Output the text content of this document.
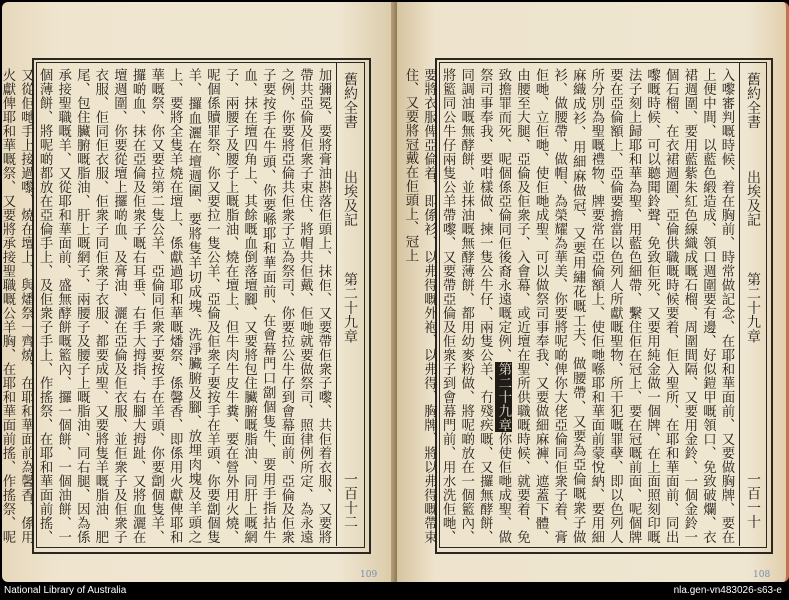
舊約全書
出埃及記
第二十九章
一百十二
加彌冕、要將膏油斟落佢頭上、抹佢、又要帶佢衆子嚟、共佢着衣服、又要將帶共亞倫及佢衆子束住、將帽共佢戴、佢哋就要做祭司、照律例所定、為永遠之例、你要將亞倫共佢衆子立為祭司、你要拉公牛仔到會幕面前、亞倫及佢衆子要按手在牛頭、你要喺耶和華面前、在會幕門口劏個隻牛、要用手指拈牛血、抹在壇四角上、其餘嘅血倒落壇腳、又要將包住臟腑嘅脂油、同肝上嘅網子、兩腰子及腰子上嘅脂油、燒在壇上、但牛肉牛皮牛糞、要在營外用火燒、呢個係贖罪祭、你又要拉一隻公羊、亞倫及佢衆子要按手在羊頭、你要劏個隻羊、攞血灑在壇週圍、要將隻羊切成塊、洗淨臟腑及腳、放埋肉塊及羊頭之上、要將全隻羊燒在壇上、係獻過耶和華嘅燔祭、係馨香、即係用火獻俾耶和華嘅祭、你又要拉第二隻公羊、亞倫同佢衆子要按手在羊頭、你要劏個隻羊、攞啲血、抹在亞倫及佢衆子嘅右耳垂、右手大拇指、右腳大拇趾、又將血灑在壇週圍、你要從壇上攞啲血、及膏油、灑在亞倫及佢衣服、並佢衆子及佢衆子衣服、佢同佢衣服、佢衆子同佢衆子衣服、都要成聖、又要將隻羊嘅脂油、肥尾、包住臟腑嘅脂油、肝上嘅網子、兩腰子及腰子上嘅脂油、同右腿、因為係承接聖職嘅羊、又從耶和華面前、盛無酵餅嘅籃內、攞一個餅、一個油餅、一個薄餅、將呢啲都放在亞倫手上、及佢衆子手上、作搖祭、在耶和華面前搖、又從佢哋手上接過嚟、燒在壇上、與燔祭一齊燒、在耶和華面前為馨香、係用火獻俾耶和華嘅祭、又要將承接聖職嘅公羊胸、在耶和華面前搖、作搖祭、呢
109
舊約全書
出埃及記
第二十九章
一百一十
入嚟審判嘅時候、着在胸前、時常做記念、在耶和華面前、又要做胸牌、要在上便中間、以藍色緞造成、領口週圍要有邊、好似鎧甲嘅領口、免致破爛、衣裙週圍、要用藍紫朱紅色線織成嘅石榴、周圍間隔、又要用金鈴、一個金鈴一個石榴、在衣裙週圍、亞倫供職嘅時候要着、佢入聖所、在耶和華面前、同出嚟嘅時候、可以聽聞鈴聲、免致佢死、又要用純金做一個牌、在上面照刻印嘅法子刻上歸耶和華為聖、用藍色細帶、繫住佢在冠上、要在冠嘅前面、呢個牌要在亞倫額上、亞倫要擔當以色列人所獻嘅聖物、所干犯嘅罪孽、即以色列人所分別為聖嘅禮物、牌要常在亞倫額上、使佢哋喺耶和華面前蒙悅納、要用細麻織成衫、用細麻做冠、又要用繡花嘅工夫、做腰帶、又要為亞倫嘅衆子做衫、做腰帶、做帽、為榮耀為華美、你要將呢啲俾你大佬亞倫同佢衆子着、膏佢哋、立佢哋、使佢哋成聖、可以做祭司事奉我、又要做細麻褲、遮蓋下體、由腰至大腿、亞倫及佢衆子、入會幕、或近壇在聖所供職嘅時候、就要着、免致擔罪而死、呢個係亞倫同佢後裔永遠嘅定例、第二十九章你使佢哋成聖、做祭司事奉我、要咁樣做、揀一隻公牛仔、兩隻公羊、冇殘疾嘅、又攞無酵餅、同調油嘅無酵餅、並抹油嘅無酵薄餅、都用幼麥粉做、將呢啲放在一個籃內、將籃同公牛仔兩隻公羊帶嚟、又要帶亞倫及佢衆子到會幕門前、用水洗佢哋、要將衣服俾亞倫着、即係衫、以弗得嘅外袍、以弗得、胸牌、將以弗得嘅帶束住、又要將冠戴在佢頭上、冠上
108
National Library of Australia	nla.gen-vn483026-s63-e
